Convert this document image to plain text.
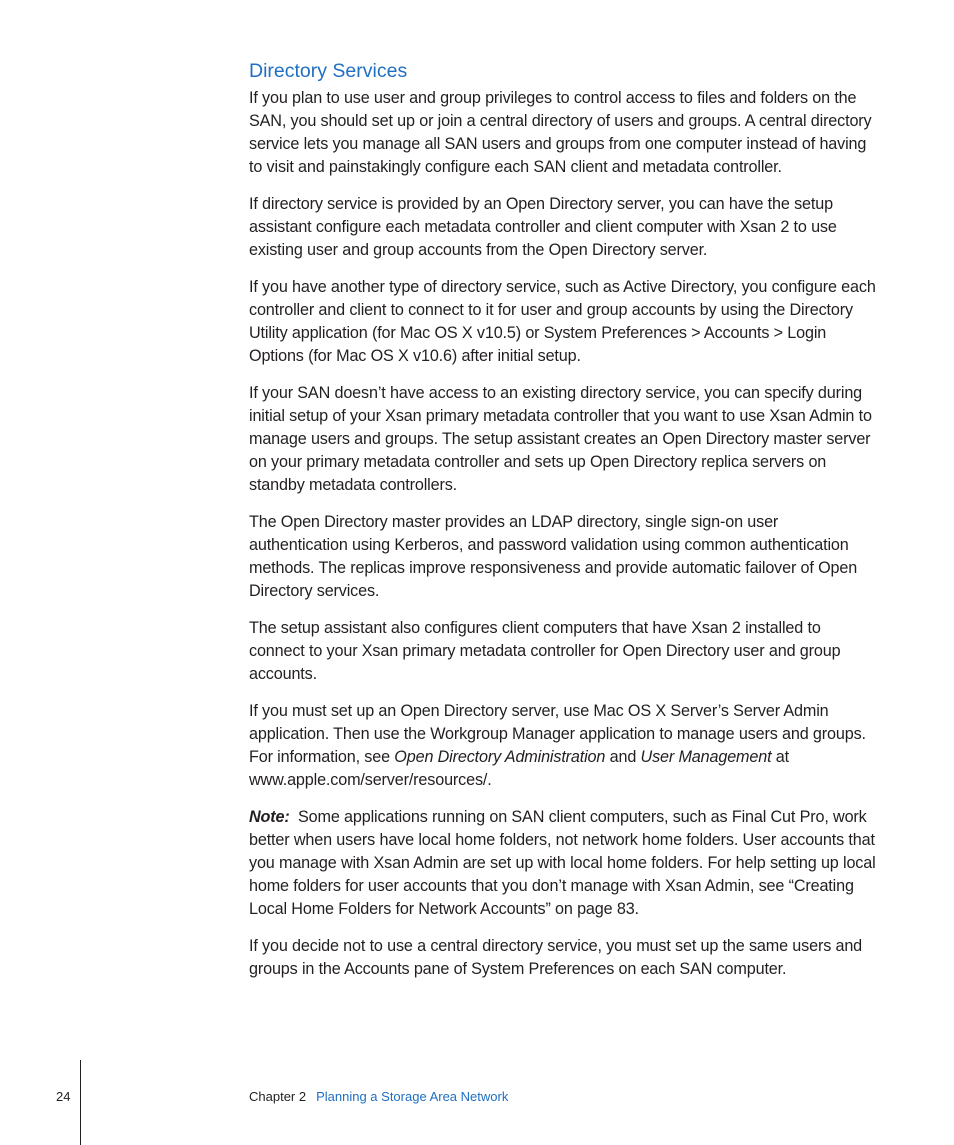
Directory Services

If you plan to use user and group privileges to control access to files and folders on the SAN, you should set up or join a central directory of users and groups. A central directory service lets you manage all SAN users and groups from one computer instead of having to visit and painstakingly configure each SAN client and metadata controller.

If directory service is provided by an Open Directory server, you can have the setup assistant configure each metadata controller and client computer with Xsan 2 to use existing user and group accounts from the Open Directory server.

If you have another type of directory service, such as Active Directory, you configure each controller and client to connect to it for user and group accounts by using the Directory Utility application (for Mac OS X v10.5) or System Preferences > Accounts > Login Options (for Mac OS X v10.6) after initial setup.

If your SAN doesn’t have access to an existing directory service, you can specify during initial setup of your Xsan primary metadata controller that you want to use Xsan Admin to manage users and groups. The setup assistant creates an Open Directory master server on your primary metadata controller and sets up Open Directory replica servers on standby metadata controllers.

The Open Directory master provides an LDAP directory, single sign-on user authentication using Kerberos, and password validation using common authentication methods. The replicas improve responsiveness and provide automatic failover of Open Directory services.

The setup assistant also configures client computers that have Xsan 2 installed to connect to your Xsan primary metadata controller for Open Directory user and group accounts.

If you must set up an Open Directory server, use Mac OS X Server’s Server Admin application. Then use the Workgroup Manager application to manage users and groups. For information, see Open Directory Administration and User Management at www.apple.com/server/resources/.

Note: Some applications running on SAN client computers, such as Final Cut Pro, work better when users have local home folders, not network home folders. User accounts that you manage with Xsan Admin are set up with local home folders. For help setting up local home folders for user accounts that you don’t manage with Xsan Admin, see “Creating Local Home Folders for Network Accounts” on page 83.

If you decide not to use a central directory service, you must set up the same users and groups in the Accounts pane of System Preferences on each SAN computer.

24	Chapter 2 Planning a Storage Area Network
